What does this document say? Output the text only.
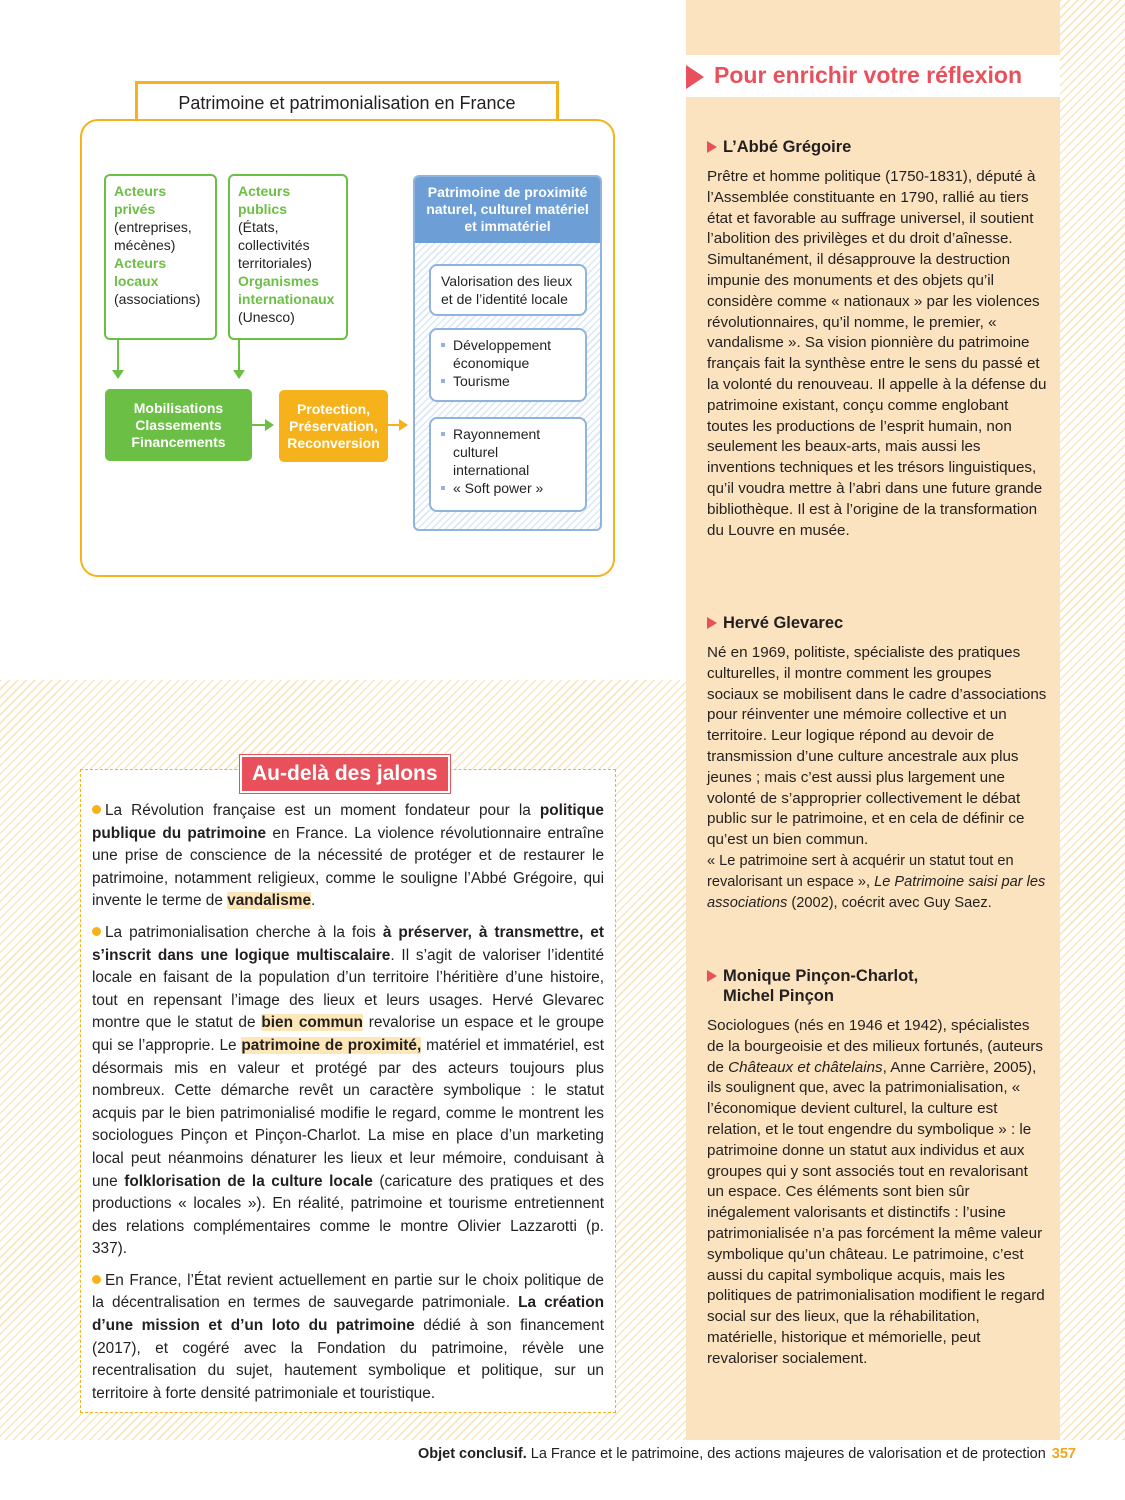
Pour enrichir votre réflexion
L’Abbé Grégoire

Prêtre et homme politique (1750-1831), député à l’Assemblée constituante en 1790, rallié au tiers état et favorable au suffrage universel, il soutient l’abolition des privilèges et du droit d’aînesse. Simultanément, il désapprouve la destruction impunie des monuments et des objets qu’il considère comme « nationaux » par les violences révolutionnaires, qu’il nomme, le premier, « vandalisme ». Sa vision pionnière du patrimoine français fait la synthèse entre le sens du passé et la volonté du renouveau. Il appelle à la défense du patrimoine existant, conçu comme englobant toutes les productions de l’esprit humain, non seulement les beaux-arts, mais aussi les inventions techniques et les trésors linguistiques, qu’il voudra mettre à l’abri dans une future grande bibliothèque. Il est à l’origine de la transformation du Louvre en musée.

Hervé Glevarec

Né en 1969, politiste, spécialiste des pratiques culturelles, il montre comment les groupes sociaux se mobilisent dans le cadre d’associations pour réinventer une mémoire collective et un territoire. Leur logique répond au devoir de transmission d’une culture ancestrale aux plus jeunes ; mais c’est aussi plus largement une volonté de s’approprier collectivement le débat public sur le patrimoine, et en cela de définir ce qu’est un bien commun.

« Le patrimoine sert à acquérir un statut tout en revalorisant un espace », Le Patrimoine saisi par les associations (2002), coécrit avec Guy Saez.

Monique Pinçon-Charlot,
Michel Pinçon

Sociologues (nés en 1946 et 1942), spécialistes de la bourgeoisie et des milieux fortunés, (auteurs de Châteaux et châtelains, Anne Carrière, 2005), ils soulignent que, avec la patrimonialisation, « l’économique devient culturel, la culture est relation, et le tout engendre du symbolique » : le patrimoine donne un statut aux individus et aux groupes qui y sont associés tout en revalorisant un espace. Ces éléments sont bien sûr inégalement valorisants et distinctifs : l’usine patrimonialisée n’a pas forcément la même valeur symbolique qu’un château. Le patrimoine, c’est aussi du capital symbolique acquis, mais les politiques de patrimonialisation modifient le regard social sur des lieux, que la réhabilitation, matérielle, historique et mémorielle, peut revaloriser socialement.

Patrimoine et patrimonialisation en France
Acteurs privés
(entreprises, mécènes)
Acteurs locaux
(associations)
Acteurs publics
(États, collectivités territoriales)
Organismes internationaux
(Unesco)
Mobilisations
Classements
Financements
Protection,
Préservation,
Reconversion
Patrimoine de proximité naturel, culturel matériel et immatériel
Valorisation des lieux et de l’identité locale
Développement économique
Tourisme
Rayonnement culturel international
« Soft power »
Au-delà des jalons

La Révolution française est un moment fondateur pour la politique publique du patrimoine en France. La violence révolutionnaire entraîne une prise de conscience de la nécessité de protéger et de restaurer le patrimoine, notamment religieux, comme le souligne l’Abbé Grégoire, qui invente le terme de vandalisme.

La patrimonialisation cherche à la fois à préserver, à transmettre, et s’inscrit dans une logique multiscalaire. Il s’agit de valoriser l’identité locale en faisant de la population d’un territoire l’héritière d’une histoire, tout en repensant l’image des lieux et leurs usages. Hervé Glevarec montre que le statut de bien commun revalorise un espace et le groupe qui se l’approprie. Le patrimoine de proximité, matériel et immatériel, est désormais mis en valeur et protégé par des acteurs toujours plus nombreux. Cette démarche revêt un caractère symbolique : le statut acquis par le bien patrimonialisé modifie le regard, comme le montrent les sociologues Pinçon et Pinçon-Charlot. La mise en place d’un marketing local peut néanmoins dénaturer les lieux et leur mémoire, conduisant à une folklorisation de la culture locale (caricature des pratiques et des productions « locales »). En réalité, patrimoine et tourisme entretiennent des relations complémentaires comme le montre Olivier Lazzarotti (p. 337).

En France, l’État revient actuellement en partie sur le choix politique de la décentralisation en termes de sauvegarde patrimoniale. La création d’une mission et d’un loto du patrimoine dédié à son financement (2017), et cogéré avec la Fondation du patrimoine, révèle une recentralisation du sujet, hautement symbolique et politique, sur un territoire à forte densité patrimoniale et touristique.

Objet conclusif. La France et le patrimoine, des actions majeures de valorisation et de protection 357
